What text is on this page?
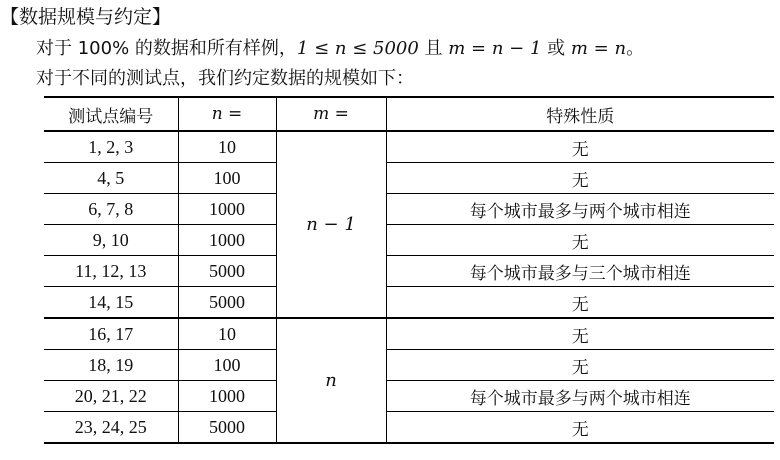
【数据规模与约定】
对于 100% 的数据和所有样例，1 ≤ n ≤ 5000 且 m = n − 1 或 m = n。
对于不同的测试点，我们约定数据的规模如下：
测试点编号	n =	m =	特殊性质
1, 2, 3	10	n − 1	无
4, 5	100		无
6, 7, 8	1000		每个城市最多与两个城市相连
9, 10	1000		无
11, 12, 13	5000		每个城市最多与三个城市相连
14, 15	5000		无
16, 17	10	n	无
18, 19	100		无
20, 21, 22	1000		每个城市最多与两个城市相连
23, 24, 25	5000		无
